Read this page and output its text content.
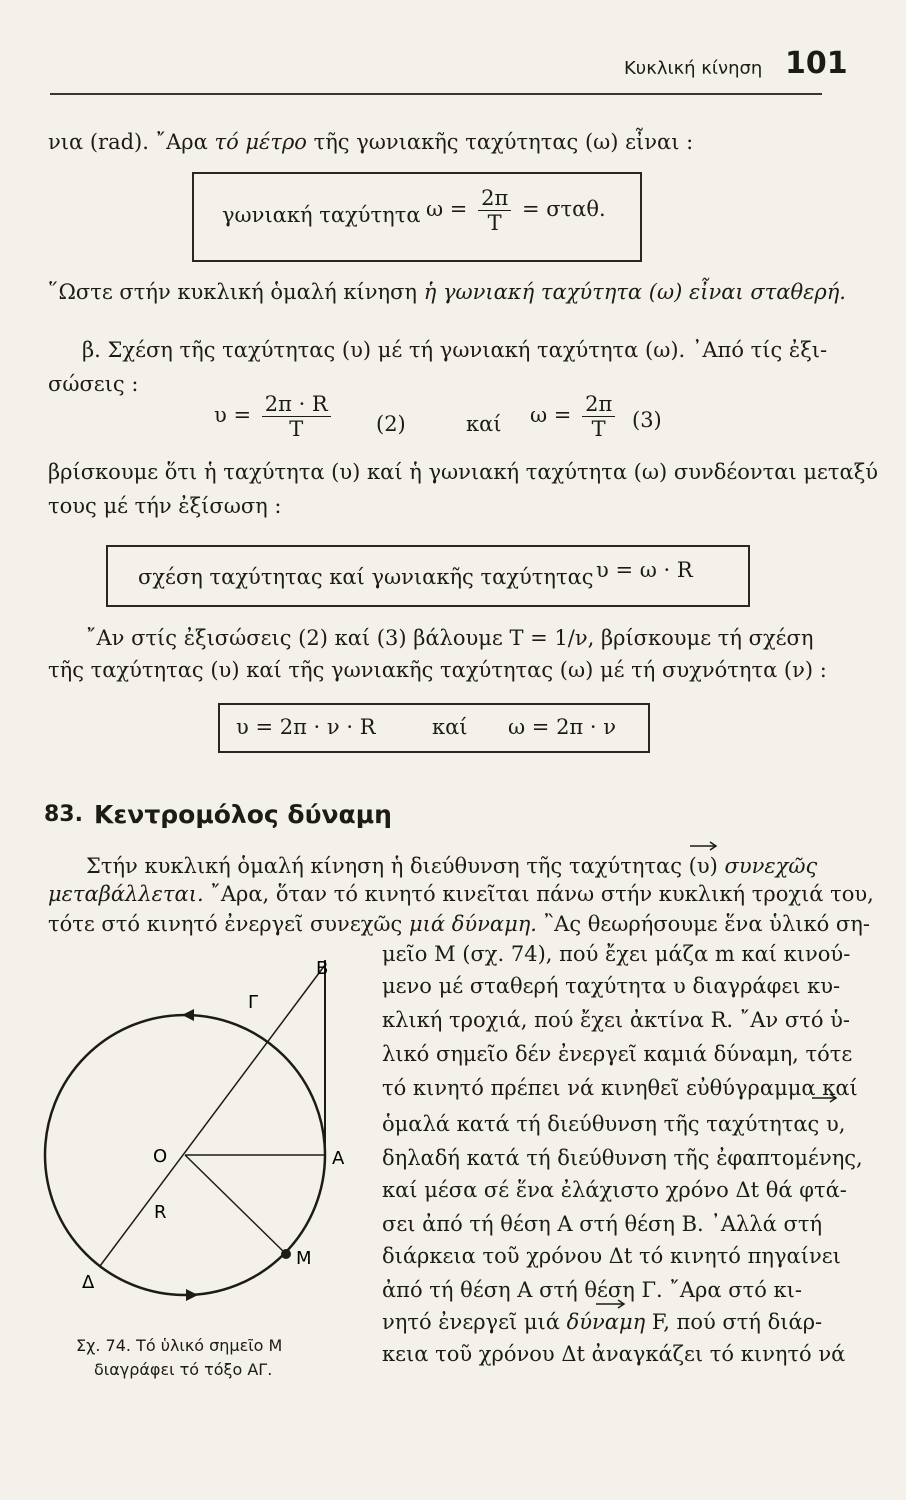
Κυκλική κίνηση 101
νια (rad). ῎Αρα τό μέτρο τῆς γωνιακῆς ταχύτητας (ω) εἶναι :
γωνιακή ταχύτητα $\omega = \frac{2\pi}{T} = \sigma\tau\alpha\theta$.
῞Ωστε στήν κυκλική ὁμαλή κίνηση ἡ γωνιακή ταχύτητα (ω) εἶναι σταθερή.
β. Σχέση τῆς ταχύτητας (υ) μέ τή γωνιακή ταχύτητα (ω). ᾿Από τίς ἐξι-
σώσεις :
$\upsilon = \frac{2\pi \cdot R}{T} (2)$	καί $\omega = \frac{2\pi}{T} (3)$
βρίσκουμε ὅτι ἡ ταχύτητα (υ) καί ἡ γωνιακή ταχύτητα (ω) συνδέονται μεταξύ
τους μέ τήν ἐξίσωση :
σχέση ταχύτητας καί γωνιακῆς ταχύτητας υ = ω · R
῎Αν στίς ἐξισώσεις (2) καί (3) βάλουμε T = 1/ν, βρίσκουμε τή σχέση
τῆς ταχύτητας (υ) καί τῆς γωνιακῆς ταχύτητας (ω) μέ τή συχνότητα (ν) :
υ = 2π · ν · R	καί ω = 2π · ν
83. Κεντρομόλος δύναμη
Στήν κυκλική ὁμαλή κίνηση ἡ διεύθυνση τῆς ταχύτητας (υ) συνεχῶς
μεταβάλλεται. ῎Αρα, ὅταν τό κινητό κινεῖται πάνω στήν κυκλική τροχιά του,
τότε στό κινητό ἐνεργεῖ συνεχῶς μιά δύναμη. ῍Ας θεωρήσουμε ἕνα ὑλικό ση-
μεῖο Μ (σχ. 74), πού ἔχει μάζα m καί κινού-
μενο μέ σταθερή ταχύτητα υ διαγράφει κυ-
κλική τροχιά, πού ἔχει ἀκτίνα R. ῎Αν στό ὑ-
λικό σημεῖο δέν ἐνεργεῖ καμιά δύναμη, τότε
τό κινητό πρέπει νά κινηθεῖ εὐθύγραμμα καί
ὁμαλά κατά τή διεύθυνση τῆς ταχύτητας υ,
δηλαδή κατά τή διεύθυνση τῆς ἐφαπτομένης,
καί μέσα σέ ἕνα ἐλάχιστο χρόνο Δt θά φτά-
σει ἀπό τή θέση Α στή θέση Β. ᾿Αλλά στή
διάρκεια τοῦ χρόνου Δt τό κινητό πηγαίνει
ἀπό τή θέση Α στή θέση Γ. ῎Αρα στό κι-
νητό ἐνεργεῖ μιά δύναμη F, πού στή διάρ-
κεια τοῦ χρόνου Δt ἀναγκάζει τό κινητό νά
B
Γ
O	A
R
M
Δ
Σχ. 74. Τό ὑλικό σημεῖο Μ
διαγράφει τό τόξο ΑΓ.
